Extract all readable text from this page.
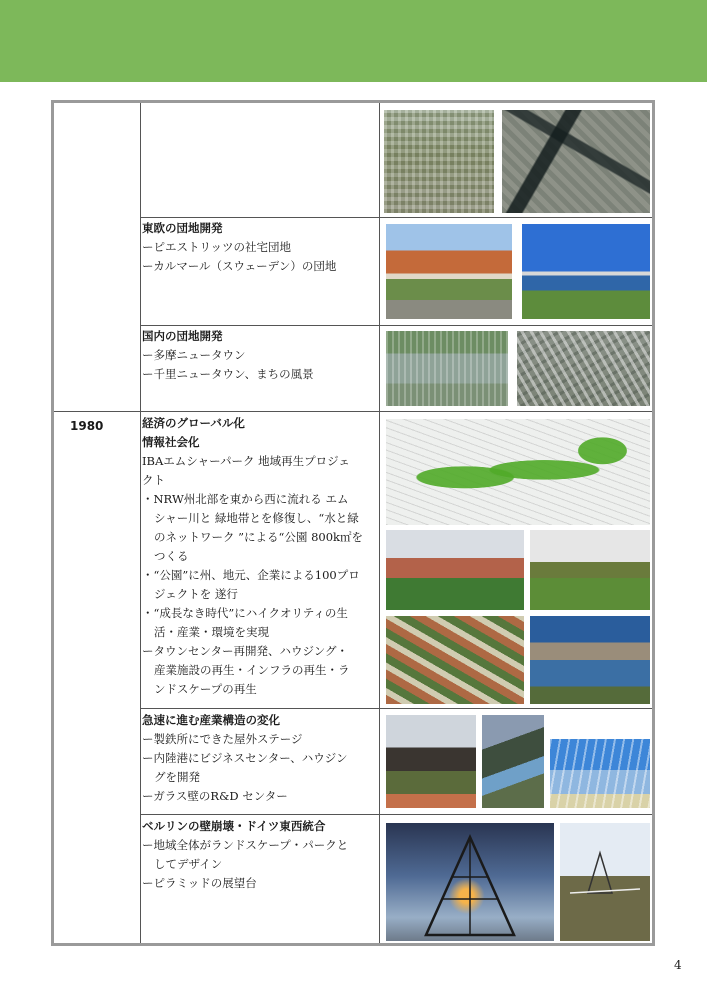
1980
東欧の団地開発
ーピエストリッツの社宅団地
ーカルマール（スウェーデン）の団地
国内の団地開発
ー多摩ニュータウン
ー千里ニュータウン、まちの風景
経済のグローバル化
情報社会化
IBAエムシャーパーク 地域再生プロジェ
クト
・NRW州北部を東から西に流れる エム
シャー川と 緑地帯とを修復し、“水と緑
のネットワーク ”による“公園 800k㎡を
つくる
・“公園”に州、地元、企業による100プロ
ジェクトを 遂行
・“成長なき時代”にハイクオリティの生
活・産業・環境を実現
ータウンセンター再開発、ハウジング・
産業施設の再生・インフラの再生・ラ
ンドスケープの再生
急速に進む産業構造の変化
ー製鉄所にできた屋外ステージ
ー内陸港にビジネスセンター、ハウジン
グを開発
ーガラス壁のR&D センター
ベルリンの壁崩壊・ドイツ東西統合
ー地域全体がランドスケープ・パークと
してデザイン
ーピラミッドの展望台
4
